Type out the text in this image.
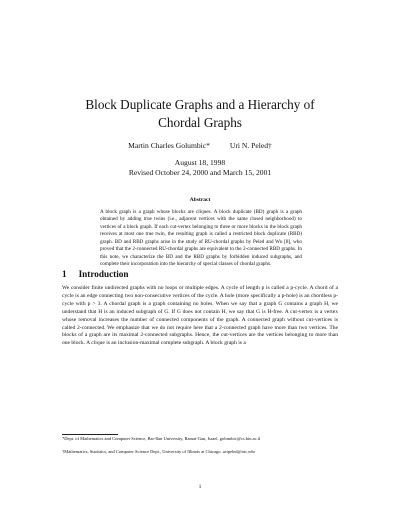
Block Duplicate Graphs and a Hierarchy of
Chordal Graphs
Martin Charles Golumbic*	Uri N. Peled†
August 18, 1998
Revised October 24, 2000 and March 15, 2001
Abstract
A block graph is a graph whose blocks are cliques. A block duplicate (BD) graph is a graph obtained by adding true twins (i.e., adjacent vertices with the same closed neighborhood) to vertices of a block graph. If each cut-vertex belonging to three or more blocks in the block graph receives at most one true twin, the resulting graph is called a restricted block duplicate (RBD) graph. BD and RBD graphs arise in the study of RU-chordal graphs by Peled and Wu [8], who proved that the 2-connected RU-chordal graphs are equivalent to the 2-connected RBD graphs. In this note, we characterize the BD and the RBD graphs by forbidden induced subgraphs, and complete their incorporation into the hierarchy of special classes of chordal graphs.
1 Introduction
We consider finite undirected graphs with no loops or multiple edges. A cycle of length p is called a p-cycle. A chord of a cycle is an edge connecting two non-consecutive vertices of the cycle. A hole (more specifically a p-hole) is an chordless p-cycle with p > 3. A chordal graph is a graph containing no holes. When we say that a graph G contains a graph H, we understand that H is an induced subgraph of G. If G does not contain H, we say that G is H-free. A cut-vertex is a vertex whose removal increases the number of connected components of the graph. A connected graph without cut-vertices is called 2-connected. We emphasize that we do not require here that a 2-connected graph have more than two vertices. The blocks of a graph are its maximal 2-connected subgraphs. Hence, the cut-vertices are the vertices belonging to more than one block. A clique is an inclusion-maximal complete subgraph. A block graph is a
*Dept. of Mathematics and Computer Science, Bar-Ilan University, Ramat-Gan, Israel. golumbic@cs.biu.ac.il
†Mathematics, Statistics, and Computer Science Dept., University of Illinois at Chicago. uripeled@uic.edu
1
